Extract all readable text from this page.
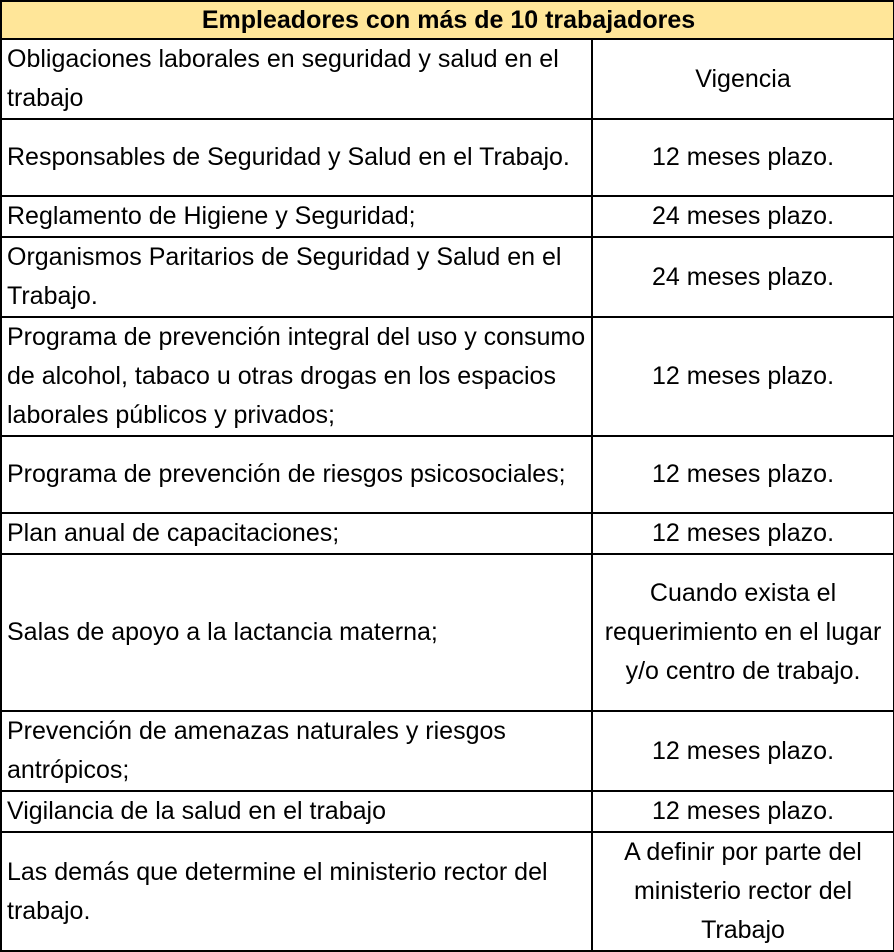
Empleadores con más de 10 trabajadores	
Obligaciones laborales en seguridad y salud en el trabajo	Vigencia
Responsables de Seguridad y Salud en el Trabajo.	12 meses plazo.
Reglamento de Higiene y Seguridad;	24 meses plazo.
Organismos Paritarios de Seguridad y Salud en el Trabajo.	24 meses plazo.
Programa de prevención integral del uso y consumo de alcohol, tabaco u otras drogas en los espacios laborales públicos y privados;	12 meses plazo.
Programa de prevención de riesgos psicosociales;	12 meses plazo.
Plan anual de capacitaciones;	12 meses plazo.
Salas de apoyo a la lactancia materna;	Cuando exista el requerimiento en el lugar y/o centro de trabajo.
Prevención de amenazas naturales y riesgos antrópicos;	12 meses plazo.
Vigilancia de la salud en el trabajo	12 meses plazo.
Las demás que determine el ministerio rector del trabajo.	A definir por parte del ministerio rector del Trabajo
